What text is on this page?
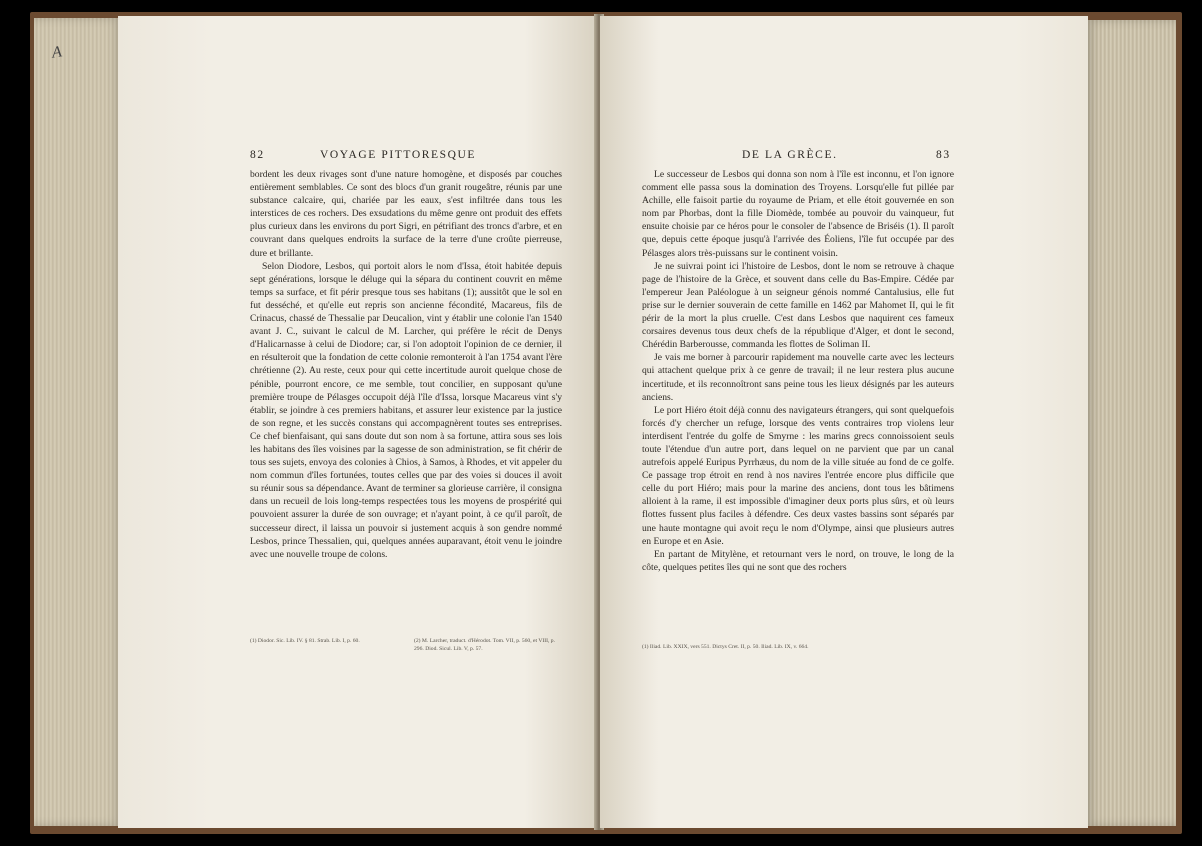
82	VOYAGE PITTORESQUE

bordent les deux rivages sont d'une nature homogène, et disposés par couches entièrement semblables. Ce sont des blocs d'un granit rougeâtre, réunis par une substance calcaire, qui, chariée par les eaux, s'est infiltrée dans tous les interstices de ces rochers. Des exsudations du même genre ont produit des effets plus curieux dans les environs du port Sigri, en pétrifiant des troncs d'arbre, et en couvrant dans quelques endroits la surface de la terre d'une croûte pierreuse, dure et brillante.

Selon Diodore, Lesbos, qui portoit alors le nom d'Issa, étoit habitée depuis sept générations, lorsque le déluge qui la sépara du continent couvrit en même temps sa surface, et fit périr presque tous ses habitans (1); aussitôt que le sol en fut desséché, et qu'elle eut repris son ancienne fécondité, Macareus, fils de Crinacus, chassé de Thessalie par Deucalion, vint y établir une colonie l'an 1540 avant J. C., suivant le calcul de M. Larcher, qui préfère le récit de Denys d'Halicarnasse à celui de Diodore; car, si l'on adoptoit l'opinion de ce dernier, il en résulteroit que la fondation de cette colonie remonteroit à l'an 1754 avant l'ère chrétienne (2). Au reste, ceux pour qui cette incertitude auroit quelque chose de pénible, pourront encore, ce me semble, tout concilier, en supposant qu'une première troupe de Pélasges occupoit déjà l'île d'Issa, lorsque Macareus vint s'y établir, se joindre à ces premiers habitans, et assurer leur existence par la justice de son regne, et les succès constans qui accompagnèrent toutes ses entreprises. Ce chef bienfaisant, qui sans doute dut son nom à sa fortune, attira sous ses lois les habitans des îles voisines par la sagesse de son administration, se fit chérir de tous ses sujets, envoya des colonies à Chios, à Samos, à Rhodes, et vit appeler du nom commun d'îles fortunées, toutes celles que par des voies si douces il avoit su réunir sous sa dépendance. Avant de terminer sa glorieuse carrière, il consigna dans un recueil de lois long-temps respectées tous les moyens de prospérité qui pouvoient assurer la durée de son ouvrage; et n'ayant point, à ce qu'il paroît, de successeur direct, il laissa un pouvoir si justement acquis à son gendre nommé Lesbos, prince Thessalien, qui, quelques années auparavant, étoit venu le joindre avec une nouvelle troupe de colons.

(1) Diodor. Sic. Lib. IV. § 81. Strab. Lib. I, p. 60.	(2) M. Larcher, traduct. d'Hérodot. Tom. VII, p. 560, et VIII, p. 296. Diod. Sicul. Lib. V, p. 57.
DE LA GRÈCE.	83

Le successeur de Lesbos qui donna son nom à l'île est inconnu, et l'on ignore comment elle passa sous la domination des Troyens. Lorsqu'elle fut pillée par Achille, elle faisoit partie du royaume de Priam, et elle étoit gouvernée en son nom par Phorbas, dont la fille Diomède, tombée au pouvoir du vainqueur, fut ensuite choisie par ce héros pour le consoler de l'absence de Briséis (1). Il paroît que, depuis cette époque jusqu'à l'arrivée des Éoliens, l'île fut occupée par des Pélasges alors très-puissans sur le continent voisin.

Je ne suivrai point ici l'histoire de Lesbos, dont le nom se retrouve à chaque page de l'histoire de la Grèce, et souvent dans celle du Bas-Empire. Cédée par l'empereur Jean Paléologue à un seigneur génois nommé Cantalusius, elle fut prise sur le dernier souverain de cette famille en 1462 par Mahomet II, qui le fit périr de la mort la plus cruelle. C'est dans Lesbos que naquirent ces fameux corsaires devenus tous deux chefs de la république d'Alger, et dont le second, Chérédin Barberousse, commanda les flottes de Soliman II.

Je vais me borner à parcourir rapidement ma nouvelle carte avec les lecteurs qui attachent quelque prix à ce genre de travail; il ne leur restera plus aucune incertitude, et ils reconnoîtront sans peine tous les lieux désignés par les auteurs anciens.

Le port Hiéro étoit déjà connu des navigateurs étrangers, qui sont quelquefois forcés d'y chercher un refuge, lorsque des vents contraires trop violens leur interdisent l'entrée du golfe de Smyrne : les marins grecs connoissoient seuls toute l'étendue d'un autre port, dans lequel on ne parvient que par un canal autrefois appelé Euripus Pyrrhæus, du nom de la ville située au fond de ce golfe. Ce passage trop étroit en rend à nos navires l'entrée encore plus difficile que celle du port Hiéro; mais pour la marine des anciens, dont tous les bâtimens alloient à la rame, il est impossible d'imaginer deux ports plus sûrs, et où leurs flottes fussent plus faciles à défendre. Ces deux vastes bassins sont séparés par une haute montagne qui avoit reçu le nom d'Olympe, ainsi que plusieurs autres en Europe et en Asie.

En partant de Mitylène, et retournant vers le nord, on trouve, le long de la côte, quelques petites îles qui ne sont que des rochers

(1) Iliad. Lib. XXIX, vers 551. Dictys Cret. II, p. 50. Iliad. Lib. IX, v. 664.
A
